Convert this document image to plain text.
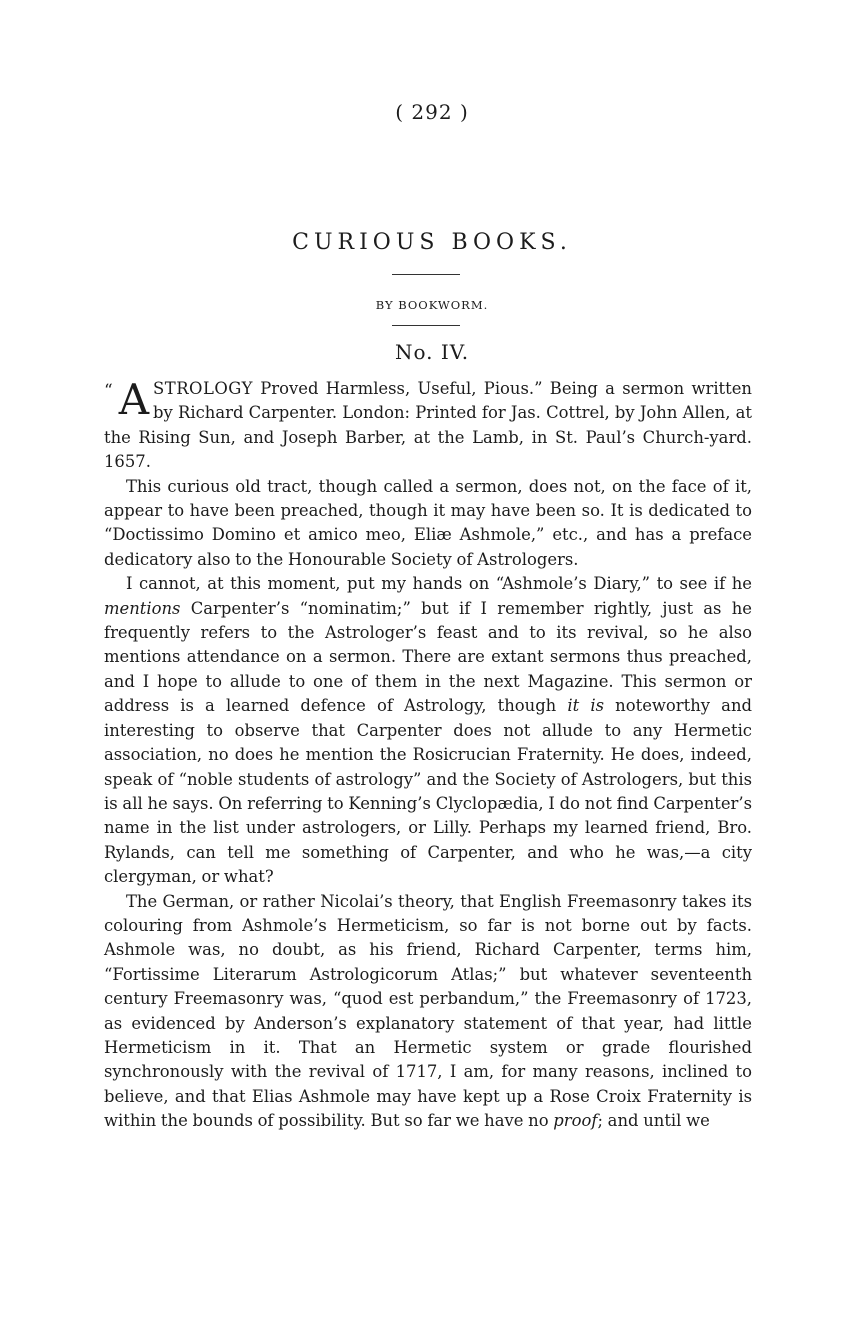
( 292 )
CURIOUS BOOKS.
BY BOOKWORM.
No. IV.

“ A STROLOGY Proved Harmless, Useful, Pious.” Being a sermon written by Richard Carpenter. London: Printed for Jas. Cottrel, by John Allen, at the Rising Sun, and Joseph Barber, at the Lamb, in St. Paul’s Church-yard. 1657.

This curious old tract, though called a sermon, does not, on the face of it, appear to have been preached, though it may have been so. It is dedicated to “Doctissimo Domino et amico meo, Eliæ Ashmole,” etc., and has a preface dedicatory also to the Honourable Society of Astrologers.

I cannot, at this moment, put my hands on “Ashmole’s Diary,” to see if he mentions Carpenter’s “nominatim;” but if I remember rightly, just as he frequently refers to the Astrologer’s feast and to its revival, so he also mentions attendance on a sermon. There are extant sermons thus preached, and I hope to allude to one of them in the next Magazine. This sermon or address is a learned defence of Astrology, though it is noteworthy and interesting to observe that Carpenter does not allude to any Hermetic association, no does he mention the Rosicrucian Fraternity. He does, indeed, speak of “noble students of astrology” and the Society of Astrologers, but this is all he says. On referring to Kenning’s Clyclopædia, I do not find Carpenter’s name in the list under astrologers, or Lilly. Perhaps my learned friend, Bro. Rylands, can tell me something of Carpenter, and who he was,—a city clergyman, or what?

The German, or rather Nicolai’s theory, that English Freemasonry takes its colouring from Ashmole’s Hermeticism, so far is not borne out by facts. Ashmole was, no doubt, as his friend, Richard Carpenter, terms him, “Fortissime Literarum Astrologicorum Atlas;” but whatever seventeenth century Freemasonry was, “quod est perbandum,” the Freemasonry of 1723, as evidenced by Anderson’s explanatory statement of that year, had little Hermeticism in it. That an Hermetic system or grade flourished synchronously with the revival of 1717, I am, for many reasons, inclined to believe, and that Elias Ashmole may have kept up a Rose Croix Fraternity is within the bounds of possibility. But so far we have no proof; and until we
